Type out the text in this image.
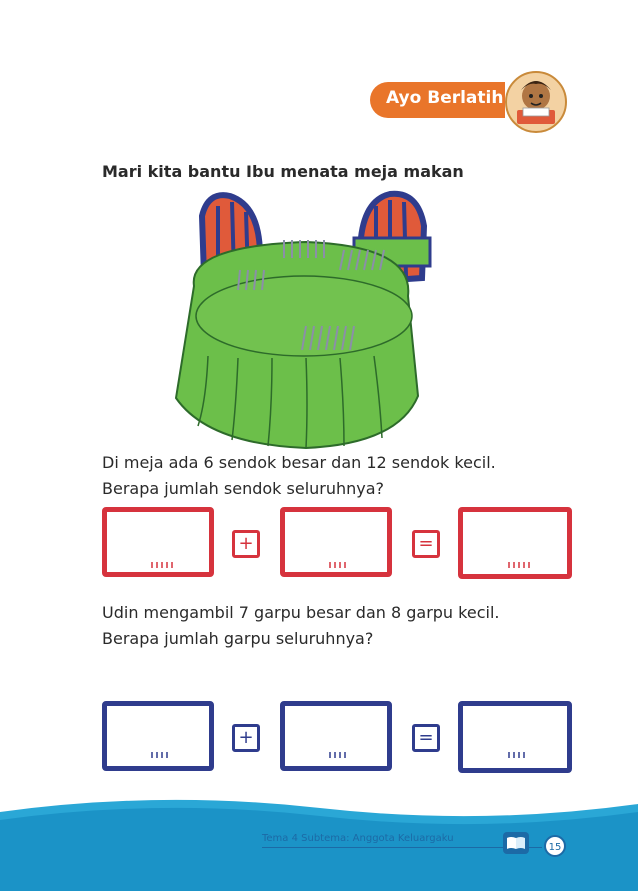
Ayo Berlatih
Mari kita bantu Ibu menata meja makan
Di meja ada 6 sendok besar dan 12 sendok kecil.
Berapa jumlah sendok seluruhnya?
+	=
Udin mengambil 7 garpu besar dan 8 garpu kecil.
Berapa jumlah garpu seluruhnya?
+	=
Tema 4 Subtema: Anggota Keluargaku
15
